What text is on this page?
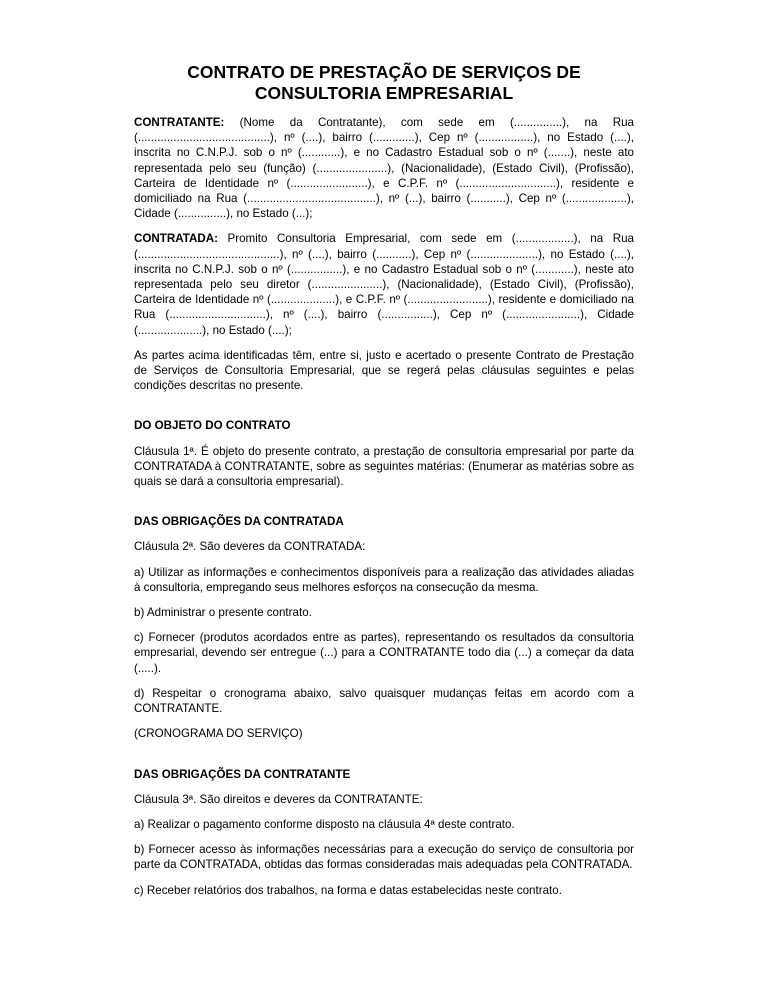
CONTRATO DE PRESTAÇÃO DE SERVIÇOS DE
CONSULTORIA EMPRESARIAL

CONTRATANTE: (Nome da Contratante), com sede em (...............), na Rua (.........................................), nº (....), bairro (.............), Cep nº (.................), no Estado (....), inscrita no C.N.P.J. sob o nº (............), e no Cadastro Estadual sob o nº (.......), neste ato representada pelo seu (função) (......................), (Nacionalidade), (Estado Civil), (Profissão), Carteira de Identidade nº (........................), e C.P.F. nº (..............................), residente e domiciliado na Rua (........................................), nº (...), bairro (...........), Cep nº (...................), Cidade (...............), no Estado (...);

CONTRATADA: Promito Consultoria Empresarial, com sede em (..................), na Rua (............................................), nº (....), bairro (...........), Cep nº (.....................), no Estado (....), inscrita no C.N.P.J. sob o nº (................), e no Cadastro Estadual sob o nº (............), neste ato representada pelo seu diretor (......................), (Nacionalidade), (Estado Civil), (Profissão), Carteira de Identidade nº (....................), e C.P.F. nº (.........................), residente e domiciliado na Rua (..............................), nº (....), bairro (................), Cep nº (.......................), Cidade (....................), no Estado (....);

As partes acima identificadas têm, entre si, justo e acertado o presente Contrato de Prestação de Serviços de Consultoria Empresarial, que se regerá pelas cláusulas seguintes e pelas condições descritas no presente.

DO OBJETO DO CONTRATO

Cláusula 1ª. É objeto do presente contrato, a prestação de consultoria empresarial por parte da CONTRATADA à CONTRATANTE, sobre as seguintes matérias: (Enumerar as matérias sobre as quais se dará a consultoria empresarial).

DAS OBRIGAÇÕES DA CONTRATADA

Cláusula 2ª. São deveres da CONTRATADA:

a) Utilizar as informações e conhecimentos disponíveis para a realização das atividades aliadas à consultoria, empregando seus melhores esforços na consecução da mesma.

b) Administrar o presente contrato.

c) Fornecer (produtos acordados entre as partes), representando os resultados da consultoria empresarial, devendo ser entregue (...) para a CONTRATANTE todo dia (...) a começar da data (.....).

d) Respeitar o cronograma abaixo, salvo quaisquer mudanças feitas em acordo com a CONTRATANTE.

(CRONOGRAMA DO SERVIÇO)

DAS OBRIGAÇÕES DA CONTRATANTE

Cláusula 3ª. São direitos e deveres da CONTRATANTE:

a) Realizar o pagamento conforme disposto na cláusula 4ª deste contrato.

b) Fornecer acesso às informações necessárias para a execução do serviço de consultoria por parte da CONTRATADA, obtidas das formas consideradas mais adequadas pela CONTRATADA.

c) Receber relatórios dos trabalhos, na forma e datas estabelecidas neste contrato.
